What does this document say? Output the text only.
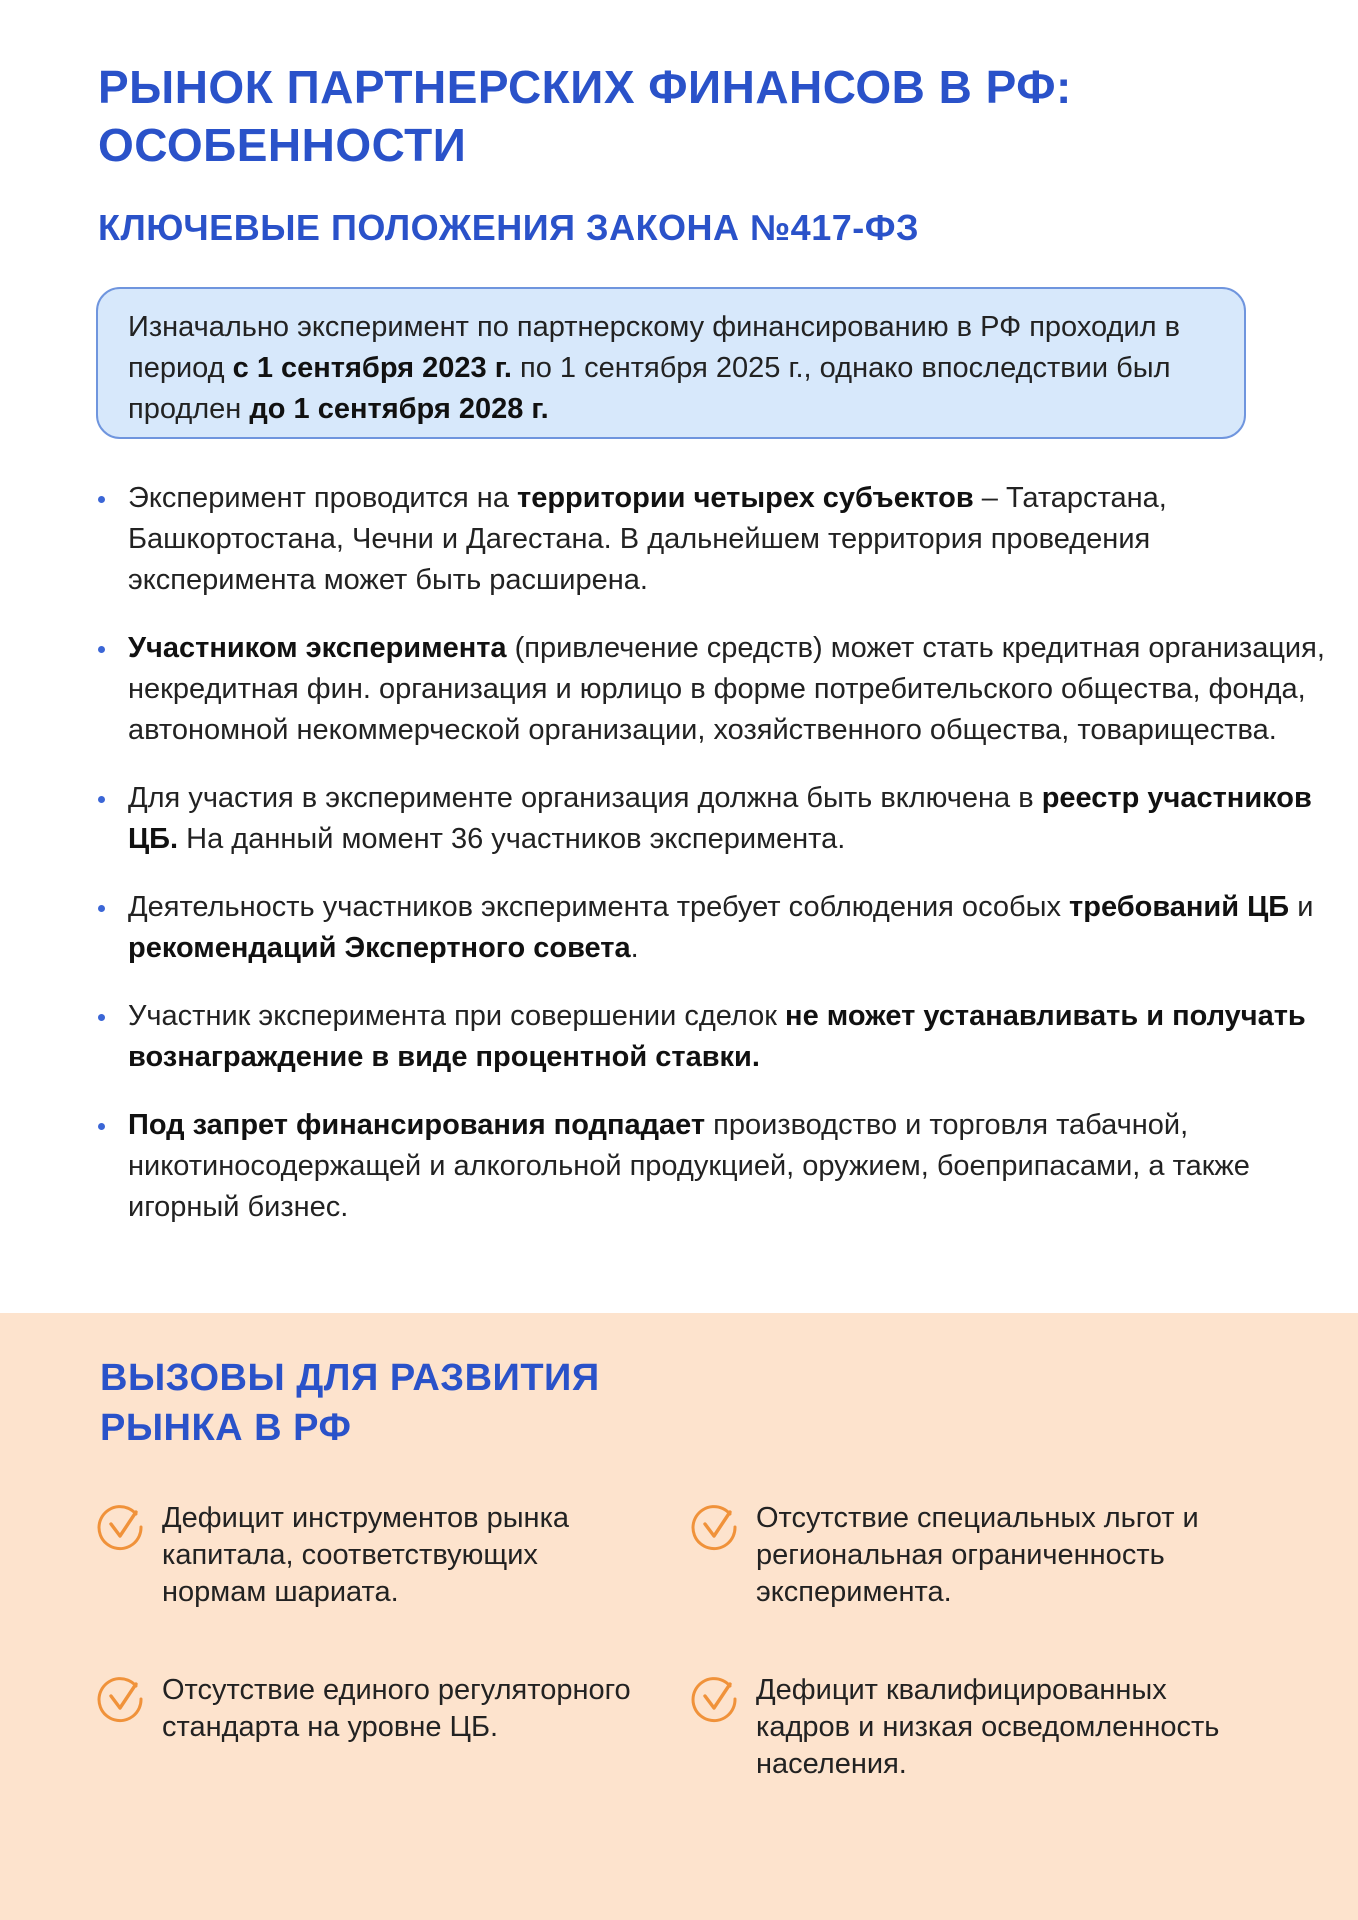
РЫНОК ПАРТНЕРСКИХ ФИНАНСОВ В РФ:
ОСОБЕННОСТИ
КЛЮЧЕВЫЕ ПОЛОЖЕНИЯ ЗАКОНА №417-ФЗ
Изначально эксперимент по партнерскому финансированию в РФ проходил в период с 1 сентября 2023 г. по 1 сентября 2025 г., однако впоследствии был продлен до 1 сентября 2028 г.
Эксперимент проводится на территории четырех субъектов – Татарстана, Башкортостана, Чечни и Дагестана. В дальнейшем территория проведения эксперимента может быть расширена.
Участником эксперимента (привлечение средств) может стать кредитная организация, некредитная фин. организация и юрлицо в форме потребительского общества, фонда, автономной некоммерческой организации, хозяйственного общества, товарищества.
Для участия в эксперименте организация должна быть включена в реестр участников ЦБ. На данный момент 36 участников эксперимента.
Деятельность участников эксперимента требует соблюдения особых требований ЦБ и рекомендаций Экспертного совета.
Участник эксперимента при совершении сделок не может устанавливать и получать вознаграждение в виде процентной ставки.
Под запрет финансирования подпадает производство и торговля табачной, никотиносодержащей и алкогольной продукцией, оружием, боеприпасами, а также игорный бизнес.
ВЫЗОВЫ ДЛЯ РАЗВИТИЯ
РЫНКА В РФ
Дефицит инструментов рынка капитала, соответствующих нормам шариата.
Отсутствие специальных льгот и региональная ограниченность эксперимента.
Отсутствие единого регуляторного стандарта на уровне ЦБ.
Дефицит квалифицированных кадров и низкая осведомленность населения.
